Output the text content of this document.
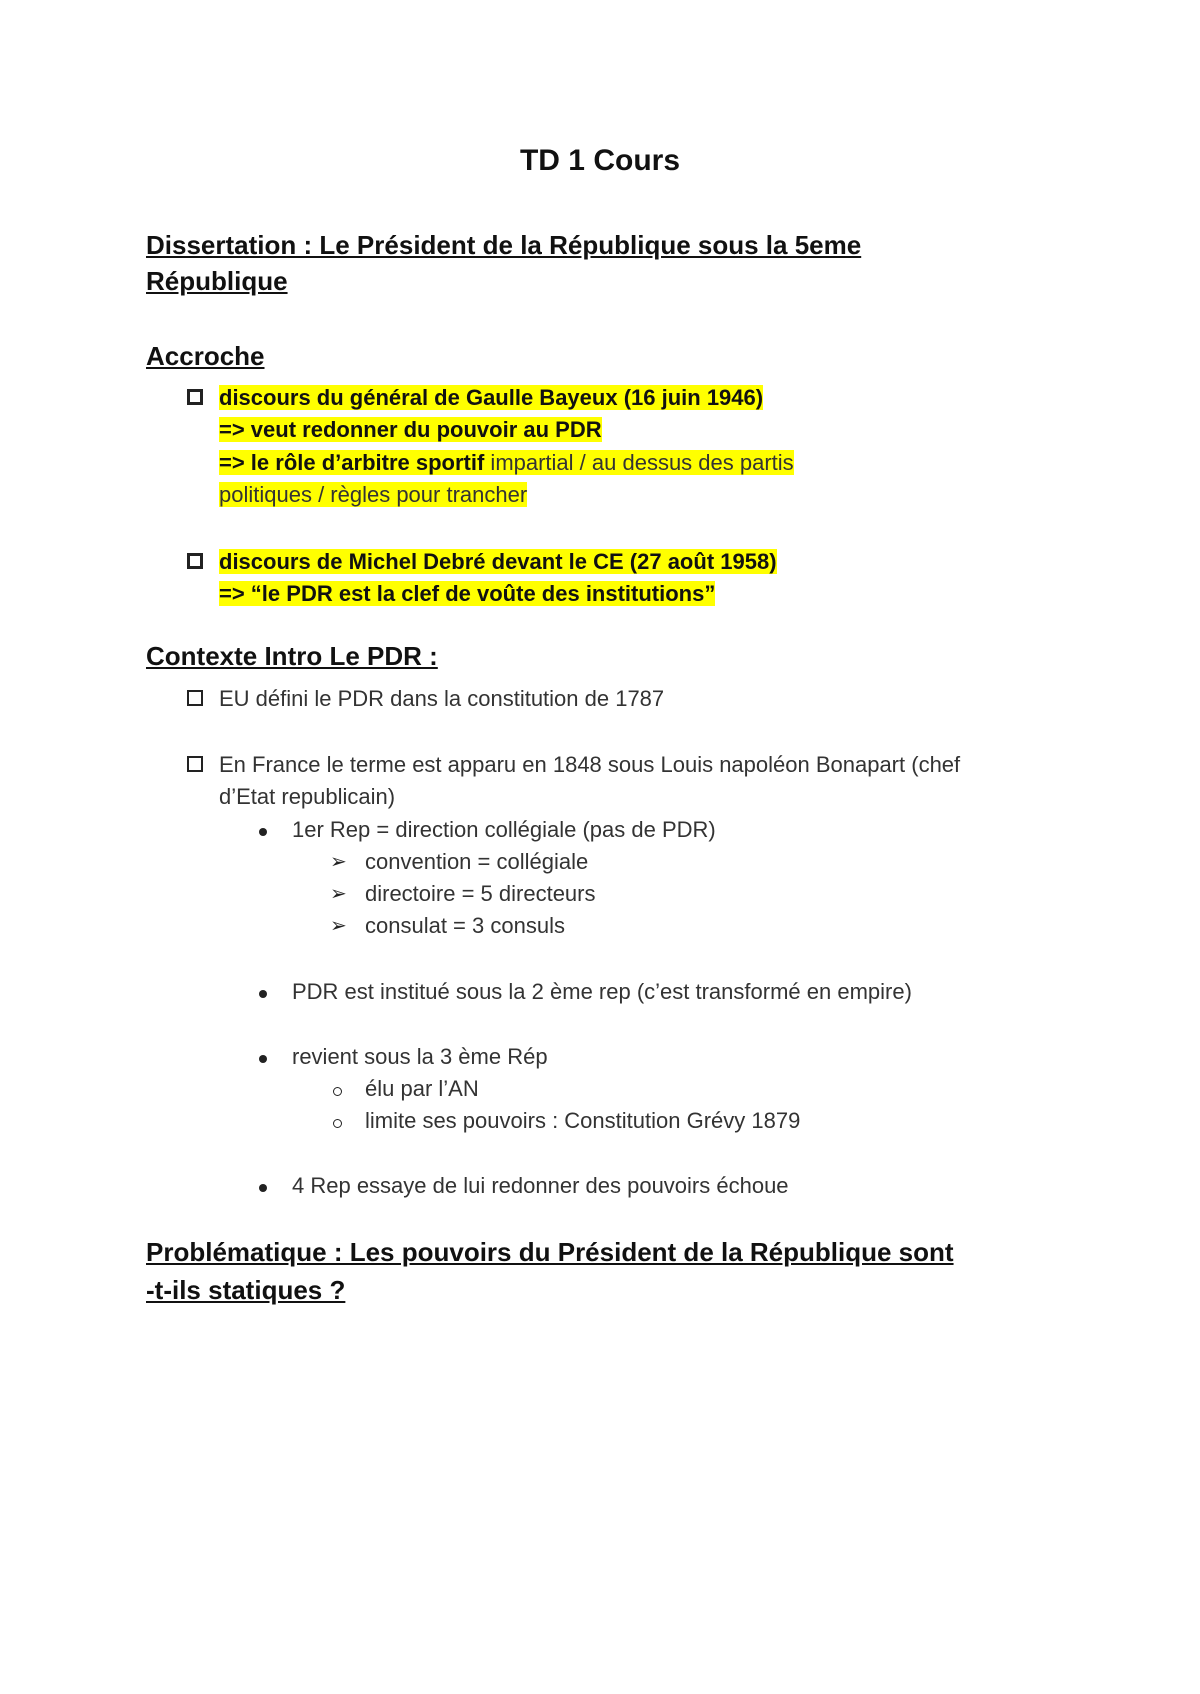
TD 1 Cours
Dissertation : Le Président de la République sous la 5eme
République
Accroche
discours du général de Gaulle Bayeux (16 juin 1946)
=> veut redonner du pouvoir au PDR
=> le rôle d’arbitre sportif impartial / au dessus des partis
politiques / règles pour trancher
discours de Michel Debré devant le CE (27 août 1958)
=> “le PDR est la clef de voûte des institutions”
Contexte Intro Le PDR :
EU défini le PDR dans la constitution de 1787
En France le terme est apparu en 1848 sous Louis napoléon Bonapart (chef
d’Etat republicain)
1er Rep = direction collégiale (pas de PDR)
➢ convention = collégiale
➢ directoire = 5 directeurs
➢ consulat = 3 consuls
PDR est institué sous la 2 ème rep (c’est transformé en empire)
revient sous la 3 ème Rép
élu par l’AN
limite ses pouvoirs : Constitution Grévy 1879
4 Rep essaye de lui redonner des pouvoirs échoue
Problématique : Les pouvoirs du Président de la République sont
-t-ils statiques ?
